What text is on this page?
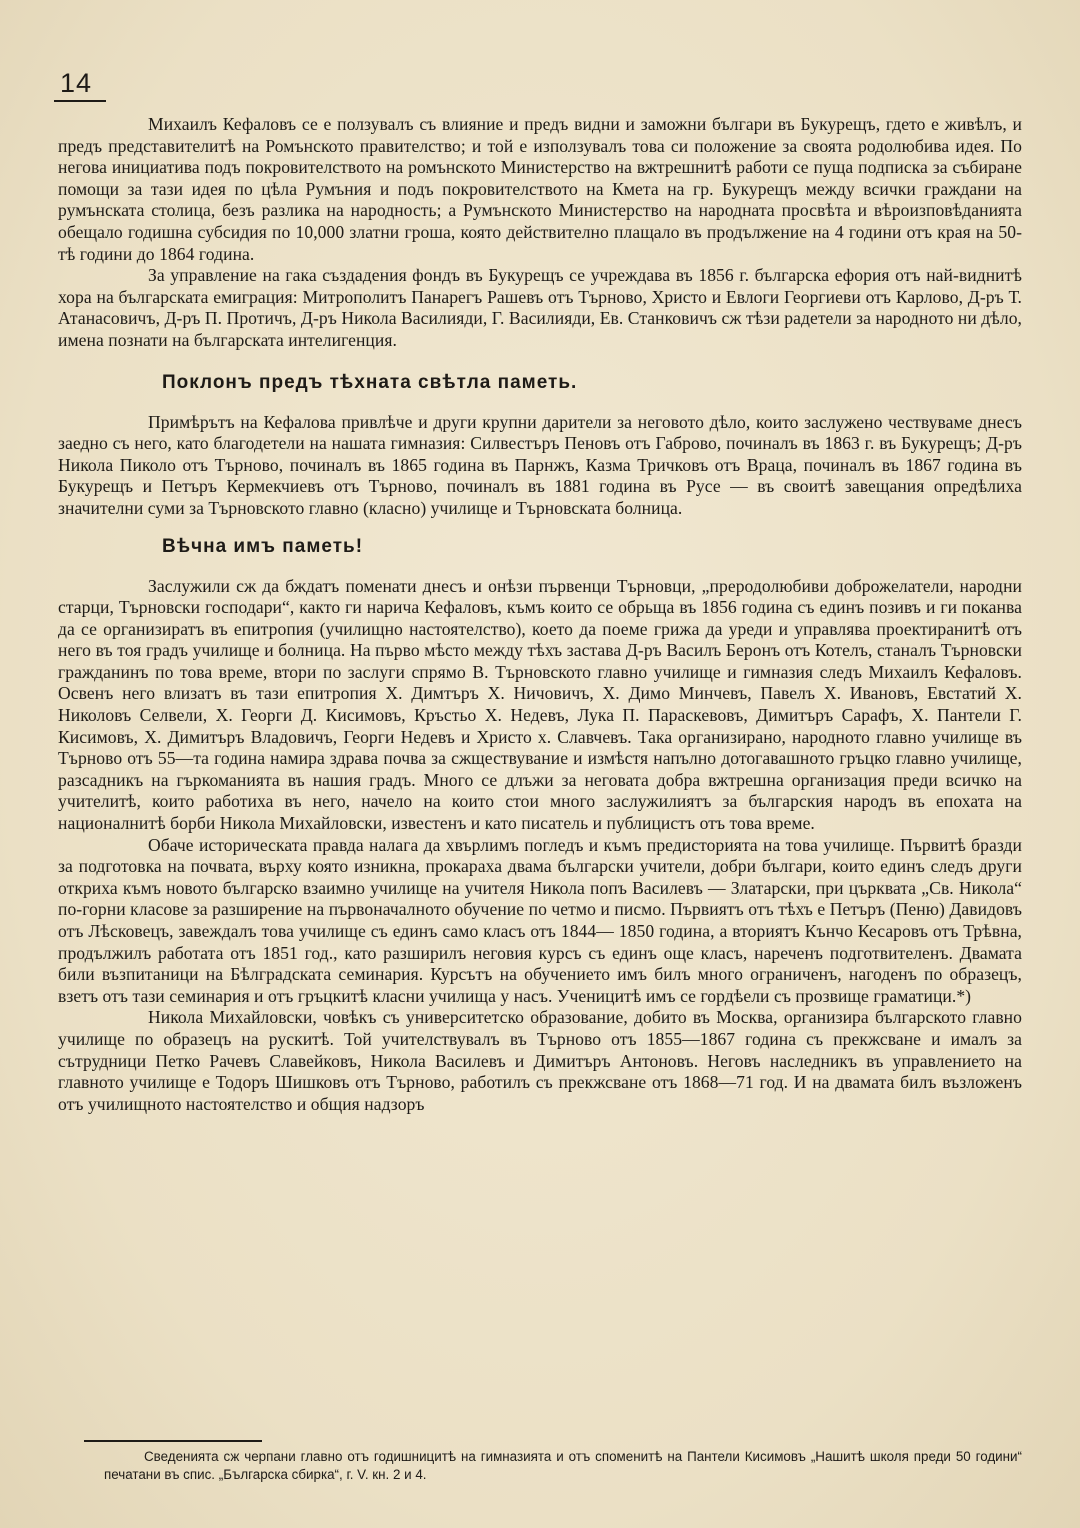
14

Михаилъ Кефаловъ се е ползувалъ съ влияние и предъ видни и заможни българи въ Букурещъ, гдето е живѣлъ, и предъ представителитѣ на Ромънското правителство; и той е използувалъ това си положение за своята родолюбива идея. По негова инициатива подъ покровителството на ромънското Министерство на вжтрешнитѣ работи се пуща подписка за събиране помощи за тази идея по цѣла Румъния и подъ покровителството на Кмета на гр. Букурещъ между всички граждани на румънската столица, безъ разлика на народность; а Румънското Министерство на народната просвѣта и вѣроизповѣданията обещало годишна субсидия по 10,000 златни гроша, която действително плащало въ продължение на 4 години отъ края на 50-тѣ години до 1864 година.

За управление на гака създадения фондъ въ Букурещъ се учреждава въ 1856 г. българска ефория отъ най-виднитѣ хора на българската емиграция: Митрополитъ Панарегъ Рашевъ отъ Търново, Христо и Евлоги Георгиеви отъ Карлово, Д-ръ Т. Атанасовичъ, Д-ръ П. Протичъ, Д-ръ Никола Василияди, Г. Василияди, Ев. Станковичъ сж тѣзи радетели за народното ни дѣло, имена познати на българската интелигенция.

Поклонъ предъ тѣхната свѣтла паметь.

Примѣрътъ на Кефалова привлѣче и други крупни дарители за неговото дѣло, които заслужено чествуваме днесъ заедно съ него, като благодетели на нашата гимназия: Силвестъръ Пеновъ отъ Габрово, починалъ въ 1863 г. въ Букурещъ; Д-ръ Никола Пиколо отъ Търново, починалъ въ 1865 година въ Парнжъ, Казма Тричковъ отъ Враца, починалъ въ 1867 година въ Букурещъ и Петъръ Кермекчиевъ отъ Търново, починалъ въ 1881 година въ Русе — въ своитѣ завещания опредѣлиха значителни суми за Търновското главно (класно) училище и Търновската болница.

Вѣчна имъ паметь!

Заслужили сж да бждатъ поменати днесъ и онѣзи първенци Търновци, „преродолюбиви доброжелатели, народни старци, Търновски господари“, както ги нарича Кефаловъ, къмъ които се обрьща въ 1856 година съ единъ позивъ и ги поканва да се организиратъ въ епитропия (училищно настоятелство), което да поеме грижа да уреди и управлява проектиранитѣ отъ него въ тоя градъ училище и болница. На първо мѣсто между тѣхъ застава Д-ръ Василъ Беронъ отъ Котелъ, станалъ Търновски гражданинъ по това време, втори по заслуги спрямо В. Търновското главно училище и гимназия следъ Михаилъ Кефаловъ. Освенъ него влизатъ въ тази епитропия Х. Димтъръ Х. Ничовичъ, Х. Димо Минчевъ, Павелъ Х. Ивановъ, Евстатий Х. Николовъ Селвели, Х. Георги Д. Кисимовъ, Кръстьо Х. Недевъ, Лука П. Параскевовъ, Димитъръ Сарафъ, Х. Пантели Г. Кисимовъ, Х. Димитъръ Владовичъ, Георги Недевъ и Христо х. Славчевъ. Така организирано, народното главно училище въ Търново отъ 55—та година намира здрава почва за сжществувание и измѣстя напълно дотогавашното гръцко главно училище, разсадникъ на гъркоманията въ нашия градъ. Много се длъжи за неговата добра вжтрешна организация преди всичко на учителитѣ, които работиха въ него, начело на които стои много заслужилиятъ за българския народъ въ епохата на националнитѣ борби Никола Михайловски, известенъ и като писатель и публицистъ отъ това време.

Обаче историческата правда налага да хвърлимъ погледъ и къмъ предисторията на това училище. Първитѣ бразди за подготовка на почвата, върху която изникна, прокараха двама български учители, добри българи, които единъ следъ други откриха къмъ новото българско взаимно училище на учителя Никола попъ Василевъ — Златарски, при църквата „Св. Никола“ по-горни класове за разширение на първоначалното обучение по четмо и писмо. Първиятъ отъ тѣхъ е Петъръ (Пеню) Давидовъ отъ Лѣсковецъ, завеждалъ това училище съ единъ само класъ отъ 1844— 1850 година, а вториятъ Кънчо Кесаровъ отъ Трѣвна, продължилъ работата отъ 1851 год., като разширилъ неговия курсъ съ единъ още класъ, нареченъ подготвителенъ. Двамата били възпитаници на Бѣлградската семинария. Курсътъ на обучението имъ билъ много ограниченъ, нагоденъ по образецъ, взетъ отъ тази семинария и отъ гръцкитѣ класни училища у насъ. Ученицитѣ имъ се гордѣели съ прозвище граматици.*)

Никола Михайловски, човѣкъ съ университетско образование, добито въ Москва, организира българското главно училище по образецъ на рускитѣ. Той учителствувалъ въ Търново отъ 1855—1867 година съ прекжсване и ималъ за сътрудници Петко Рачевъ Славейковъ, Никола Василевъ и Димитъръ Антоновъ. Неговъ наследникъ въ управлението на главното училище е Тодоръ Шишковъ отъ Търново, работилъ съ прекжсване отъ 1868—71 год. И на двамата билъ възложенъ отъ училищното настоятелство и общия надзоръ

Сведенията сж черпани главно отъ годишницитѣ на гимназията и отъ споменитѣ на Пантели Кисимовъ „Нашитѣ школя преди 50 години“ печатани въ спис. „Българска сбирка“, г. V. кн. 2 и 4.
